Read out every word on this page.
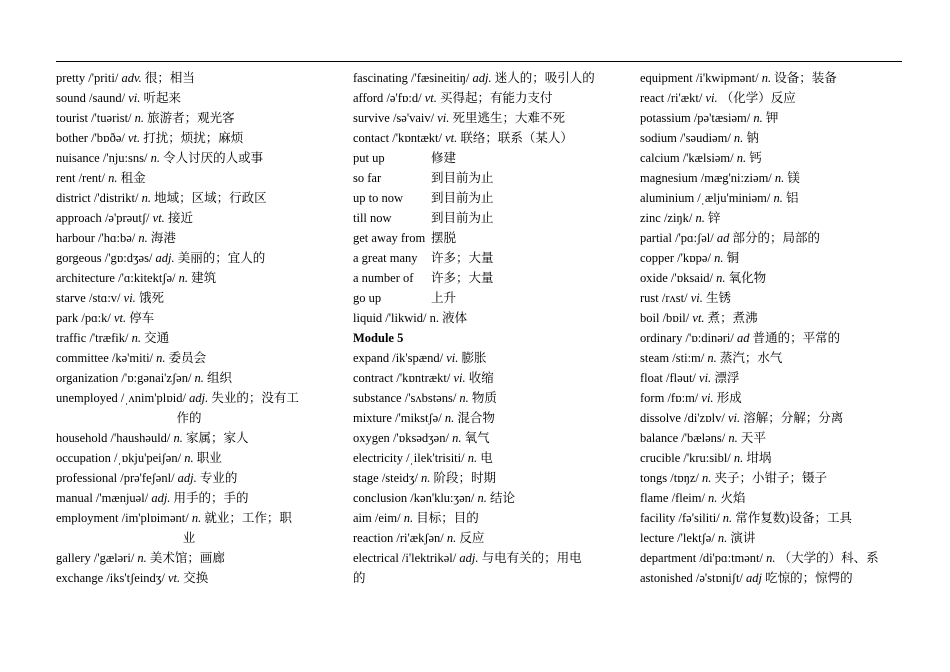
pretty /'priti/ adv. 很；相当
sound /saund/ vi. 听起来
tourist /'tuərist/ n. 旅游者；观光客
bother /'bɒðə/ vt. 打扰；烦扰；麻烦
nuisance /'nju:sns/ n. 令人讨厌的人或事
rent /rent/ n. 租金
district /'distrikt/ n. 地域；区域；行政区
approach /ə'prəutʃ/ vt. 接近
harbour /'hɑ:bə/ n. 海港
gorgeous /'gɒ:dʒəs/ adj. 美丽的；宜人的
architecture /'ɑ:kitektʃə/ n. 建筑
starve /stɑ:v/ vi. 饿死
park /pɑ:k/ vt. 停车
traffic /'træfik/ n. 交通
committee /kə'miti/ n. 委员会
organization /'ɒ:gənai'zʃən/ n. 组织
unemployed /ˌʌnim'plɒid/ adj. 失业的；没有工
作的
household /'haushəuld/ n. 家属；家人
occupation /ˌɒkju'peiʃən/ n. 职业
professional /prə'feʃənl/ adj. 专业的
manual /'mænjuəl/ adj. 用手的；手的
employment /im'plɒimənt/ n. 就业；工作；职
业
gallery /'gæləri/ n. 美术馆；画廊
exchange /iks'tʃeindʒ/ vt. 交换
fascinating /'fæsineitiŋ/ adj. 迷人的；吸引人的
afford /ə'fɒ:d/ vt. 买得起；有能力支付
survive /sə'vaiv/ vi. 死里逃生；大难不死
contact /'kɒntækt/ vt. 联络；联系（某人）
put up	修建
so far	到目前为止
up to now 到目前为止
till now	到目前为止
get away from 摆脱
a great many 许多；大量
a number of 许多；大量
go up	上升
liquid /'likwid/ n. 液体
Module 5
expand /ik'spænd/ vi. 膨胀
contract /'kɒntrækt/ vi. 收缩
substance /'sʌbstəns/ n. 物质
mixture /'mikstʃə/ n. 混合物
oxygen /'ɒksədʒən/ n. 氧气
electricity /ˌilek'trisiti/ n. 电
stage /steidʒ/ n. 阶段；时期
conclusion /kən'klu:ʒən/ n. 结论
aim /eim/ n. 目标；目的
reaction /ri'ækʃən/ n. 反应
electrical /i'lektrikəl/ adj. 与电有关的；用电
的
equipment /i'kwipmənt/ n. 设备；装备
react /ri'ækt/ vi. （化学）反应
potassium /pə'tæsiəm/ n. 钾
sodium /'səudiəm/ n. 钠
calcium /'kælsiəm/ n. 钙
magnesium /mæg'ni:ziəm/ n. 镁
aluminium /ˌælju'miniəm/ n. 铝
zinc /ziŋk/ n. 锌
partial /'pɑ:ʃəl/ ad 部分的；局部的
copper /'kɒpə/ n. 铜
oxide /'ɒksaid/ n. 氧化物
rust /rʌst/ vi. 生锈
boil /bɒil/ vt. 煮；煮沸
ordinary /'ɒ:dinəri/ ad 普通的；平常的
steam /sti:m/ n. 蒸汽；水气
float /fləut/ vi. 漂浮
form /fɒ:m/ vi. 形成
dissolve /di'zɒlv/ vi. 溶解；分解；分离
balance /'bæləns/ n. 天平
crucible /'kru:sibl/ n. 坩埚
tongs /tɒŋz/ n. 夹子；小钳子；镊子
flame /fleim/ n. 火焰
facility /fə'siliti/ n. 常作复数)设备；工具
lecture /'lektʃə/ n. 演讲
department /di'pɑ:tmənt/ n. （大学的）科、系
astonished /ə'stɒniʃt/ adj 吃惊的；惊愕的
